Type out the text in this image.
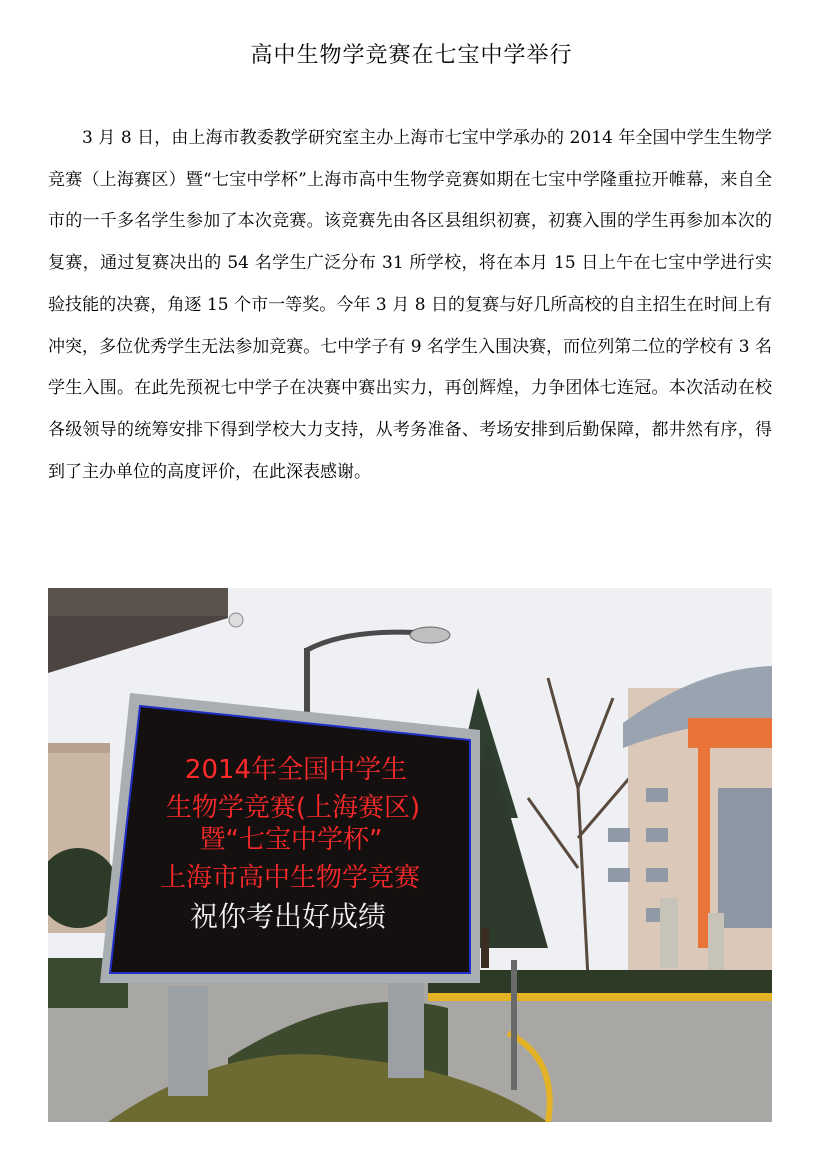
高中生物学竞赛在七宝中学举行

3 月 8 日，由上海市教委教学研究室主办上海市七宝中学承办的 2014 年全国中学生生物学竞赛（上海赛区）暨“七宝中学杯”上海市高中生物学竞赛如期在七宝中学隆重拉开帷幕，来自全市的一千多名学生参加了本次竞赛。该竞赛先由各区县组织初赛，初赛入围的学生再参加本次的复赛，通过复赛决出的 54 名学生广泛分布 31 所学校，将在本月 15 日上午在七宝中学进行实验技能的决赛，角逐 15 个市一等奖。今年 3 月 8 日的复赛与好几所高校的自主招生在时间上有冲突，多位优秀学生无法参加竞赛。七中学子有 9 名学生入围决赛，而位列第二位的学校有 3 名学生入围。在此先预祝七中学子在决赛中赛出实力，再创辉煌，力争团体七连冠。本次活动在校各级领导的统筹安排下得到学校大力支持，从考务准备、考场安排到后勤保障，都井然有序，得到了主办单位的高度评价，在此深表感谢。

2014年全国中学生
生物学竞赛(上海赛区)
暨“七宝中学杯”
上海市高中生物学竞赛
祝你考出好成绩
